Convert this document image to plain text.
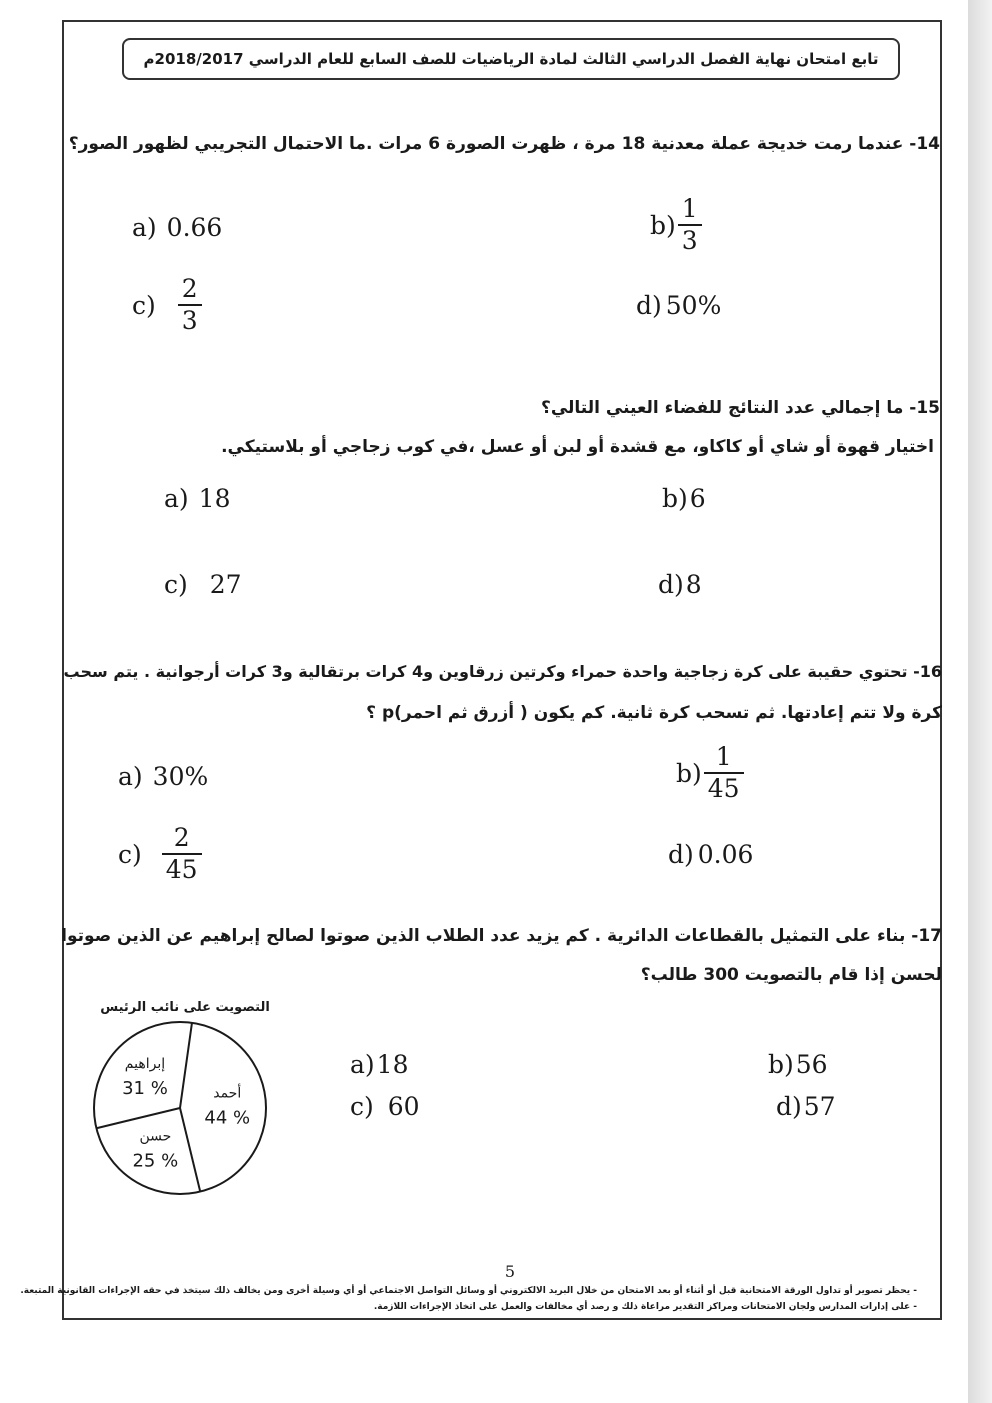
تابع امتحان نهاية الفصل الدراسي الثالث لمادة الرياضيات للصف السابع للعام الدراسي 2018/2017م
14- عندما رمت خديجة عملة معدنية 18 مرة ، ظهرت الصورة 6 مرات .ما الاحتمال التجريبي لظهور الصور؟
a) 0.66	$b) \frac{1}{3}$
$c) \frac{2}{3}$	d) 50%
15- ما إجمالي عدد النتائج للفضاء العيني التالي؟
اختيار قهوة أو شاي أو كاكاو، مع قشدة أو لبن أو عسل ،في كوب زجاجي أو بلاستيكي.
a) 18	b) 6
c) 27	d) 8
16- تحتوي حقيبة على كرة زجاجية واحدة حمراء وكرتين زرقاوين و4 كرات برتقالية و3 كرات أرجوانية . يتم سحب
كرة ولا تتم إعادتها. ثم تسحب كرة ثانية. كم يكون ( أزرق ثم احمر)p ؟
a) 30%	$b) \frac{1}{45}$
$c) \frac{2}{45}$	d) 0.06
17- بناء على التمثيل بالقطاعات الدائرية . كم يزيد عدد الطلاب الذين صوتوا لصالح إبراهيم عن الذين صوتوا
لحسن إذا قام بالتصويت 300 طالب؟
التصويت على نائب الرئيس
أحمد
44 %
حسن
25 %
إبراهيم
31 %
a) 18	b) 56
c) 60	d) 57
5
- يحظر تصوير أو تداول الورقة الامتحانية قبل أو أثناء أو بعد الامتحان من خلال البريد الالكتروني أو وسائل التواصل الاجتماعي أو أي وسيلة أخرى ومن يخالف ذلك سيتخذ في حقه الإجراءات القانونية المتبعة.
- على إدارات المدارس ولجان الامتحانات ومراكز التقدير مراعاة ذلك و رصد أي مخالفات والعمل على اتخاذ الإجراءات اللازمة.
